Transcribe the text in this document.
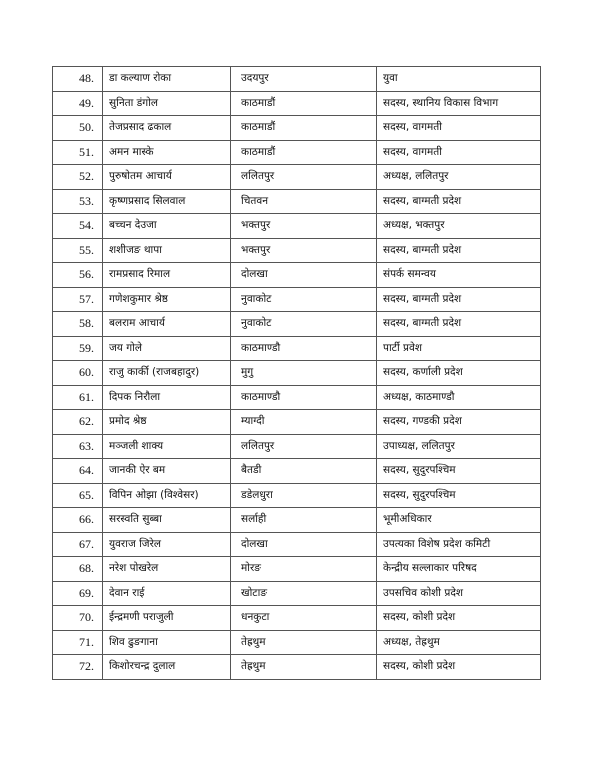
48.	डा कल्याण रोका	उदयपुर	युवा
49.	सुनिता डंगोल	काठमाडौं	सदस्य, स्थानिय विकास विभाग
50.	तेजप्रसाद ढकाल	काठमाडौं	सदस्य, वागमती
51.	अमन मास्के	काठमाडौं	सदस्य, वागमती
52.	पुरुषोतम आचार्य	ललितपुर	अध्यक्ष, ललितपुर
53.	कृष्णप्रसाद सिलवाल	चितवन	सदस्य, बाग्मती प्रदेश
54.	बच्चन देउजा	भक्तपुर	अध्यक्ष, भक्तपुर
55.	शशीजङ थापा	भक्तपुर	सदस्य, बाग्मती प्रदेश
56.	रामप्रसाद रिमाल	दोलखा	संपर्क समन्वय
57.	गणेशकुमार श्रेष्ठ	नुवाकोट	सदस्य, बाग्मती प्रदेश
58.	बलराम आचार्य	नुवाकोट	सदस्य, बाग्मती प्रदेश
59.	जय गोले	काठमाण्डौ	पार्टी प्रवेश
60.	राजु कार्की (राजबहादुर)	मुगु	सदस्य, कर्णाली प्रदेश
61.	दिपक निरौला	काठमाण्डौ	अध्यक्ष, काठमाण्डौ
62.	प्रमोद श्रेष्ठ	म्याग्दी	सदस्य, गण्डकी प्रदेश
63.	मञ्जली शाक्य	ललितपुर	उपाध्यक्ष, ललितपुर
64.	जानकी ऐर बम	बैतडी	सदस्य, सुदुरपश्चिम
65.	विपिन ओझा (विश्वेसर)	डडेलधुरा	सदस्य, सुदुरपश्चिम
66.	सरस्वति सुब्बा	सर्लाही	भूमीअधिकार
67.	युवराज जिरेल	दोलखा	उपत्यका विशेष प्रदेश कमिटी
68.	नरेश पोखरेल	मोरङ	केन्द्रीय सल्लाकार परिषद
69.	देवान राई	खोटाङ	उपसचिव कोशी प्रदेश
70.	ईन्द्रमणी पराजुली	धनकुटा	सदस्य, कोशी प्रदेश
71.	शिव ढुङगाना	तेह्रथुम	अध्यक्ष, तेह्रथुम
72.	किशोरचन्द्र दुलाल	तेह्रथुम	सदस्य, कोशी प्रदेश
